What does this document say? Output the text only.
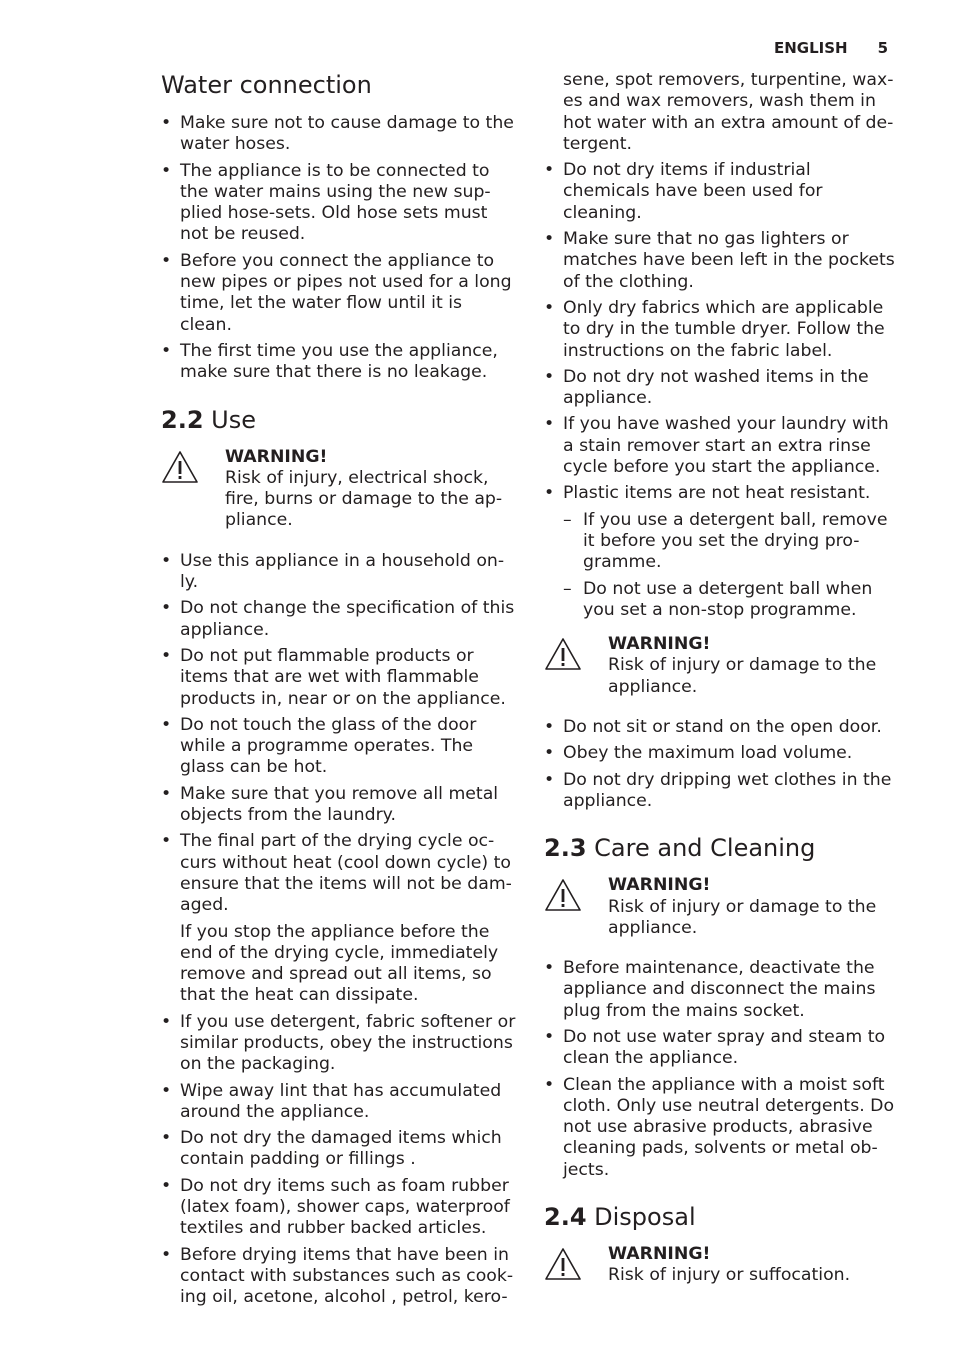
ENGLISH 5
Water connection
• Make sure not to cause damage to the water hoses.
• The appliance is to be connected to the water mains using the new sup- plied hose-sets. Old hose sets must not be reused.
• Before you connect the appliance to new pipes or pipes not used for a long time, let the water flow until it is clean.
• The first time you use the appliance, make sure that there is no leakage.
2.2 Use
WARNING!
Risk of injury, electrical shock, fire, burns or damage to the ap- pliance.
• Use this appliance in a household on- ly.
• Do not change the specification of this appliance.
• Do not put flammable products or items that are wet with flammable products in, near or on the appliance.
• Do not touch the glass of the door while a programme operates. The glass can be hot.
• Make sure that you remove all metal objects from the laundry.
• The final part of the drying cycle oc- curs without heat (cool down cycle) to ensure that the items will not be dam- aged.
If you stop the appliance before the end of the drying cycle, immediately remove and spread out all items, so that the heat can dissipate.
• If you use detergent, fabric softener or similar products, obey the instructions on the packaging.
• Wipe away lint that has accumulated around the appliance.
• Do not dry the damaged items which contain padding or fillings .
• Do not dry items such as foam rubber (latex foam), shower caps, waterproof textiles and rubber backed articles.
• Before drying items that have been in contact with substances such as cook- ing oil, acetone, alcohol , petrol, kero-
sene, spot removers, turpentine, wax- es and wax removers, wash them in hot water with an extra amount of de- tergent.
• Do not dry items if industrial chemicals have been used for cleaning.
• Make sure that no gas lighters or matches have been left in the pockets of the clothing.
• Only dry fabrics which are applicable to dry in the tumble dryer. Follow the instructions on the fabric label.
• Do not dry not washed items in the appliance.
• If you have washed your laundry with a stain remover start an extra rinse cycle before you start the appliance.
• Plastic items are not heat resistant.
– If you use a detergent ball, remove it before you set the drying pro- gramme.
– Do not use a detergent ball when you set a non-stop programme.
WARNING!
Risk of injury or damage to the appliance.
• Do not sit or stand on the open door.
• Obey the maximum load volume.
• Do not dry dripping wet clothes in the appliance.
2.3 Care and Cleaning
WARNING!
Risk of injury or damage to the appliance.
• Before maintenance, deactivate the appliance and disconnect the mains plug from the mains socket.
• Do not use water spray and steam to clean the appliance.
• Clean the appliance with a moist soft cloth. Only use neutral detergents. Do not use abrasive products, abrasive cleaning pads, solvents or metal ob- jects.
2.4 Disposal
WARNING!
Risk of injury or suffocation.
